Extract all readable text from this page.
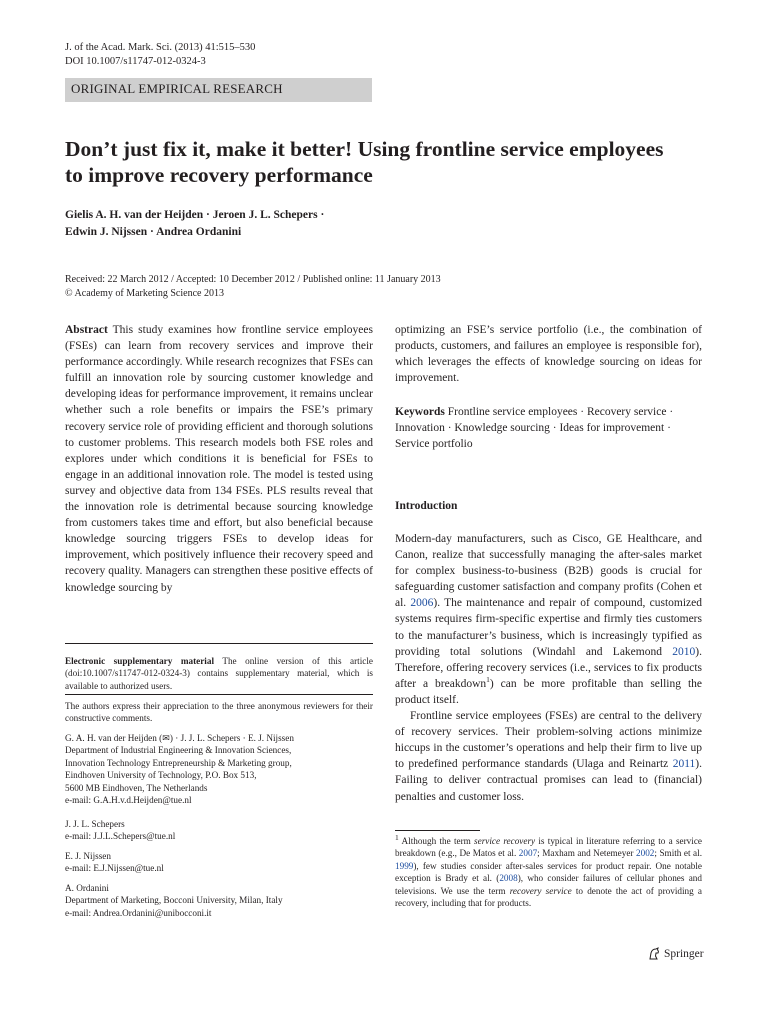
J. of the Acad. Mark. Sci. (2013) 41:515–530
DOI 10.1007/s11747-012-0324-3
ORIGINAL EMPIRICAL RESEARCH
Don’t just fix it, make it better! Using frontline service employees to improve recovery performance
Gielis A. H. van der Heijden · Jeroen J. L. Schepers ·
Edwin J. Nijssen · Andrea Ordanini
Received: 22 March 2012 / Accepted: 10 December 2012 / Published online: 11 January 2013
© Academy of Marketing Science 2013
Abstract This study examines how frontline service employees (FSEs) can learn from recovery services and improve their performance accordingly. While research recognizes that FSEs can fulfill an innovation role by sourcing customer knowledge and developing ideas for performance improvement, it remains unclear whether such a role benefits or impairs the FSE’s primary recovery service role of providing efficient and thorough solutions to customer problems. This research models both FSE roles and explores under which conditions it is beneficial for FSEs to engage in an additional innovation role. The model is tested using survey and objective data from 134 FSEs. PLS results reveal that the innovation role is detrimental because sourcing knowledge from customers takes time and effort, but also beneficial because knowledge sourcing triggers FSEs to develop ideas for improvement, which positively influence their recovery speed and recovery quality. Managers can strengthen these positive effects of knowledge sourcing by
Electronic supplementary material The online version of this article (doi:10.1007/s11747-012-0324-3) contains supplementary material, which is available to authorized users.
The authors express their appreciation to the three anonymous reviewers for their constructive comments.
G. A. H. van der Heijden (✉) · J. J. L. Schepers · E. J. Nijssen
Department of Industrial Engineering & Innovation Sciences,
Innovation Technology Entrepreneurship & Marketing group,
Eindhoven University of Technology, P.O. Box 513,
5600 MB Eindhoven, The Netherlands
e-mail: G.A.H.v.d.Heijden@tue.nl
J. J. L. Schepers
e-mail: J.J.L.Schepers@tue.nl
E. J. Nijssen
e-mail: E.J.Nijssen@tue.nl
A. Ordanini
Department of Marketing, Bocconi University, Milan, Italy
e-mail: Andrea.Ordanini@unibocconi.it
optimizing an FSE’s service portfolio (i.e., the combination of products, customers, and failures an employee is responsible for), which leverages the effects of knowledge sourcing on ideas for improvement.
Keywords Frontline service employees · Recovery service · Innovation · Knowledge sourcing · Ideas for improvement · Service portfolio
Introduction
Modern-day manufacturers, such as Cisco, GE Healthcare, and Canon, realize that successfully managing the after-sales market for complex business-to-business (B2B) goods is crucial for safeguarding customer satisfaction and company profits (Cohen et al. 2006). The maintenance and repair of compound, customized systems requires firm-specific expertise and firmly ties customers to the manufacturer’s business, which is increasingly typified as providing total solutions (Windahl and Lakemond 2010). Therefore, offering recovery services (i.e., services to fix products after a breakdown$^1$) can be more profitable than selling the product itself.
Frontline service employees (FSEs) are central to the delivery of recovery services. Their problem-solving actions minimize hiccups in the customer’s operations and help their firm to live up to predefined performance standards (Ulaga and Reinartz 2011). Failing to deliver contractual promises can lead to (financial) penalties and customer loss.
$^1$ Although the term service recovery is typical in literature referring to a service breakdown (e.g., De Matos et al. 2007; Maxham and Netemeyer 2002; Smith et al. 1999), few studies consider after-sales services for product repair. One notable exception is Brady et al. (2008), who consider failures of cellular phones and televisions. We use the term recovery service to denote the act of providing a recovery, including that for products.
Springer
